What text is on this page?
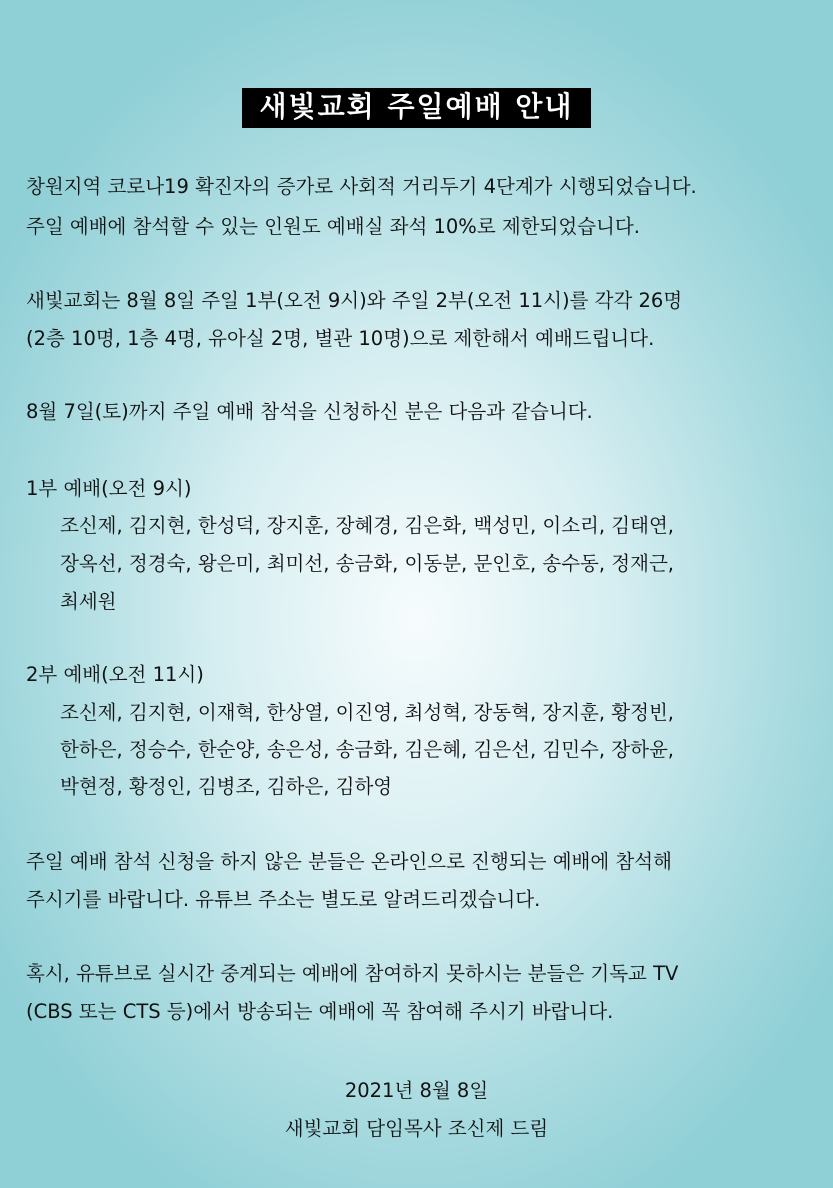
새빛교회 주일예배 안내
창원지역 코로나19 확진자의 증가로 사회적 거리두기 4단계가 시행되었습니다.
주일 예배에 참석할 수 있는 인원도 예배실 좌석 10%로 제한되었습니다.
새빛교회는 8월 8일 주일 1부(오전 9시)와 주일 2부(오전 11시)를 각각 26명
(2층 10명, 1층 4명, 유아실 2명, 별관 10명)으로 제한해서 예배드립니다.
8월 7일(토)까지 주일 예배 참석을 신청하신 분은 다음과 같습니다.
1부 예배(오전 9시)
조신제, 김지현, 한성덕, 장지훈, 장혜경, 김은화, 백성민, 이소리, 김태연,
장옥선, 정경숙, 왕은미, 최미선, 송금화, 이동분, 문인호, 송수동, 정재근,
최세원
2부 예배(오전 11시)
조신제, 김지현, 이재혁, 한상열, 이진영, 최성혁, 장동혁, 장지훈, 황정빈,
한하은, 정승수, 한순양, 송은성, 송금화, 김은혜, 김은선, 김민수, 장하윤,
박현정, 황정인, 김병조, 김하은, 김하영
주일 예배 참석 신청을 하지 않은 분들은 온라인으로 진행되는 예배에 참석해
주시기를 바랍니다. 유튜브 주소는 별도로 알려드리겠습니다.
혹시, 유튜브로 실시간 중계되는 예배에 참여하지 못하시는 분들은 기독교 TV
(CBS 또는 CTS 등)에서 방송되는 예배에 꼭 참여해 주시기 바랍니다.
2021년 8월 8일
새빛교회 담임목사 조신제 드림
